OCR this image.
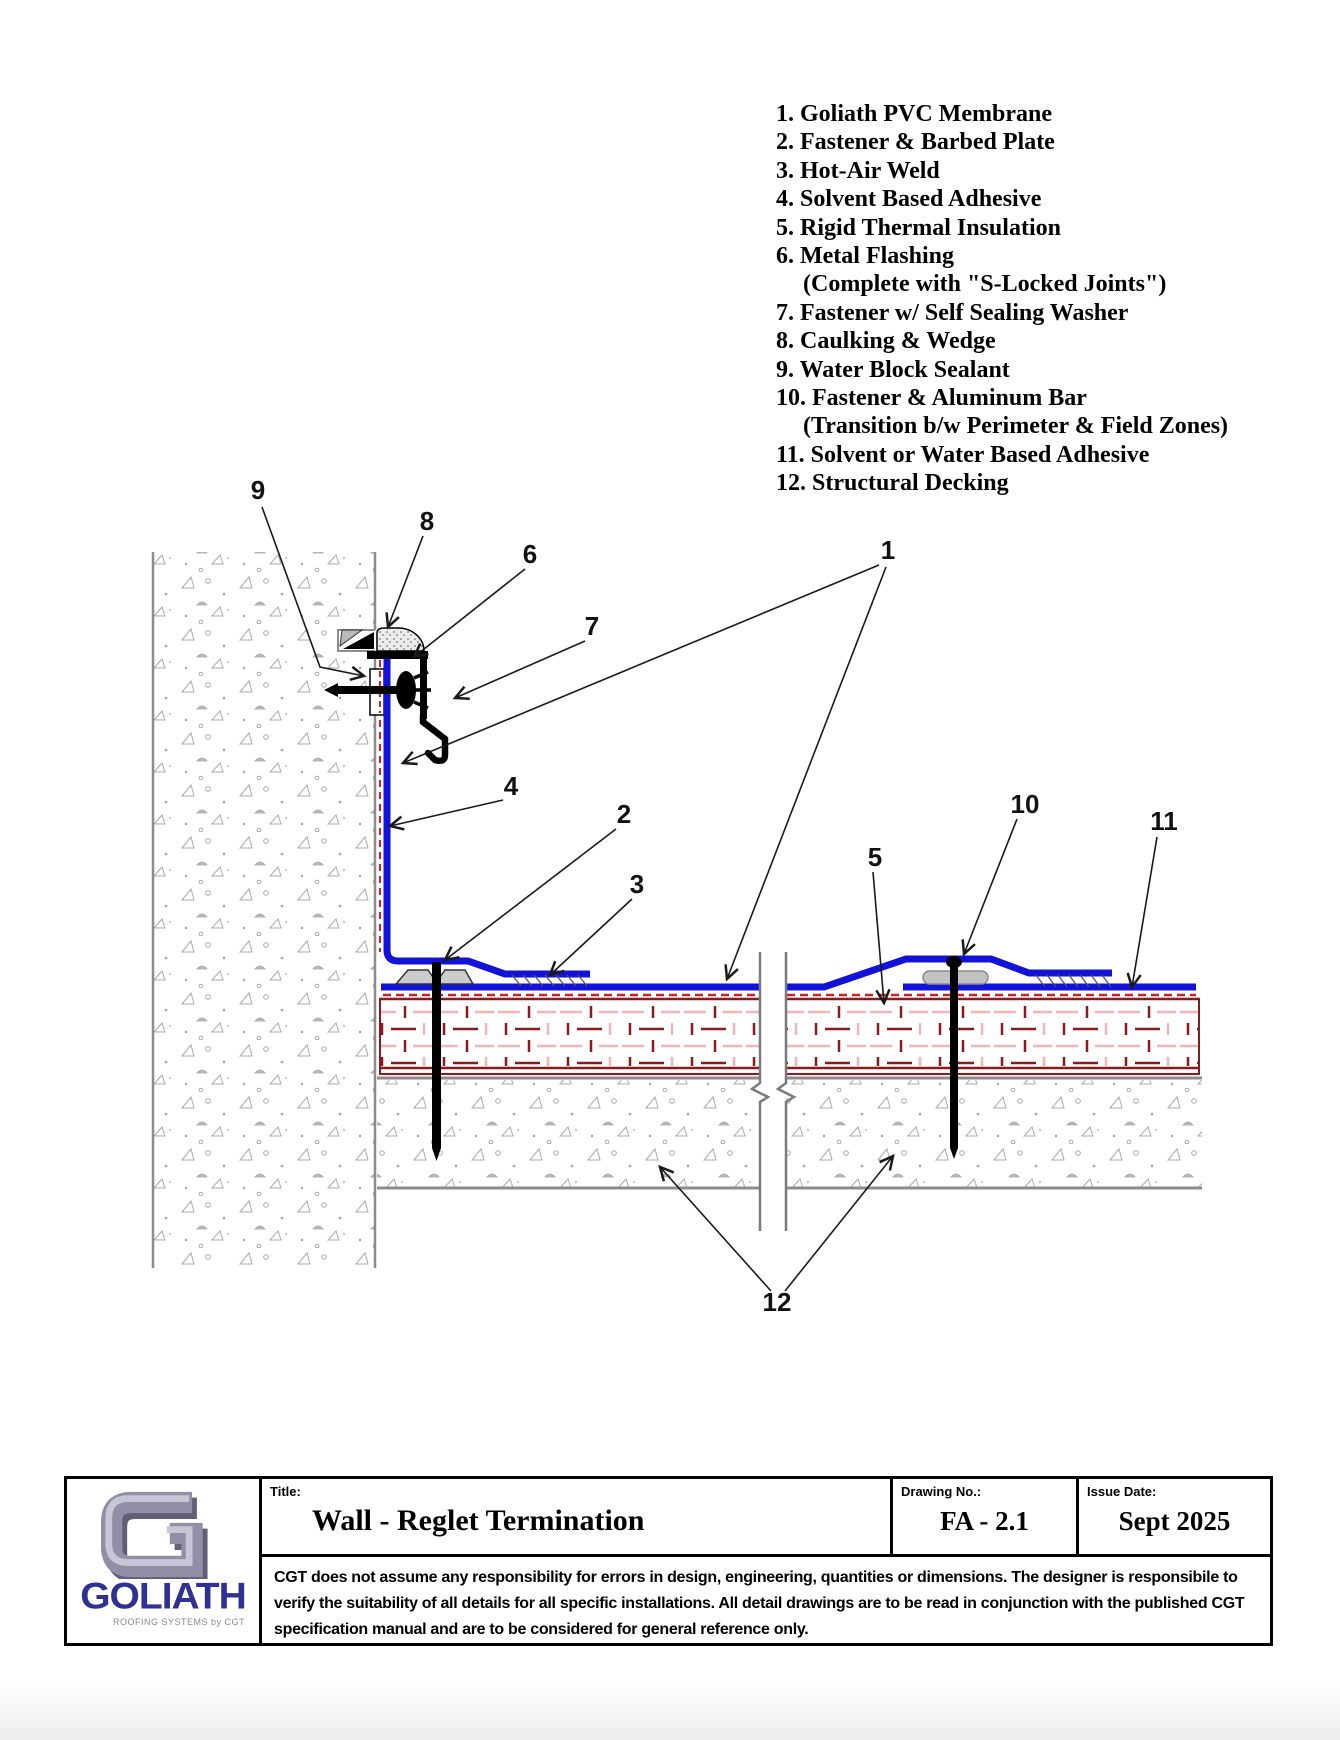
1. Goliath PVC Membrane
2. Fastener & Barbed Plate
3. Hot-Air Weld
4. Solvent Based Adhesive
5. Rigid Thermal Insulation
6. Metal Flashing
(Complete with "S-Locked Joints")
7. Fastener w/ Self Sealing Washer
8. Caulking & Wedge
9. Water Block Sealant
10. Fastener & Aluminum Bar
(Transition b/w Perimeter & Field Zones)
11. Solvent or Water Based Adhesive
12. Structural Decking
9
8
6
7
1
4
2
3
5
10
11
12
GOLIATH
ROOFING SYSTEMS by CGT
Title:
Wall - Reglet Termination
Drawing No.:
FA - 2.1
Issue Date:
Sept 2025
CGT does not assume any responsibility for errors in design, engineering, quantities or dimensions. The designer is responsibile to verify the suitability of all details for all specific installations. All detail drawings are to be read in conjunction with the published CGT specification manual and are to be considered for general reference only.
